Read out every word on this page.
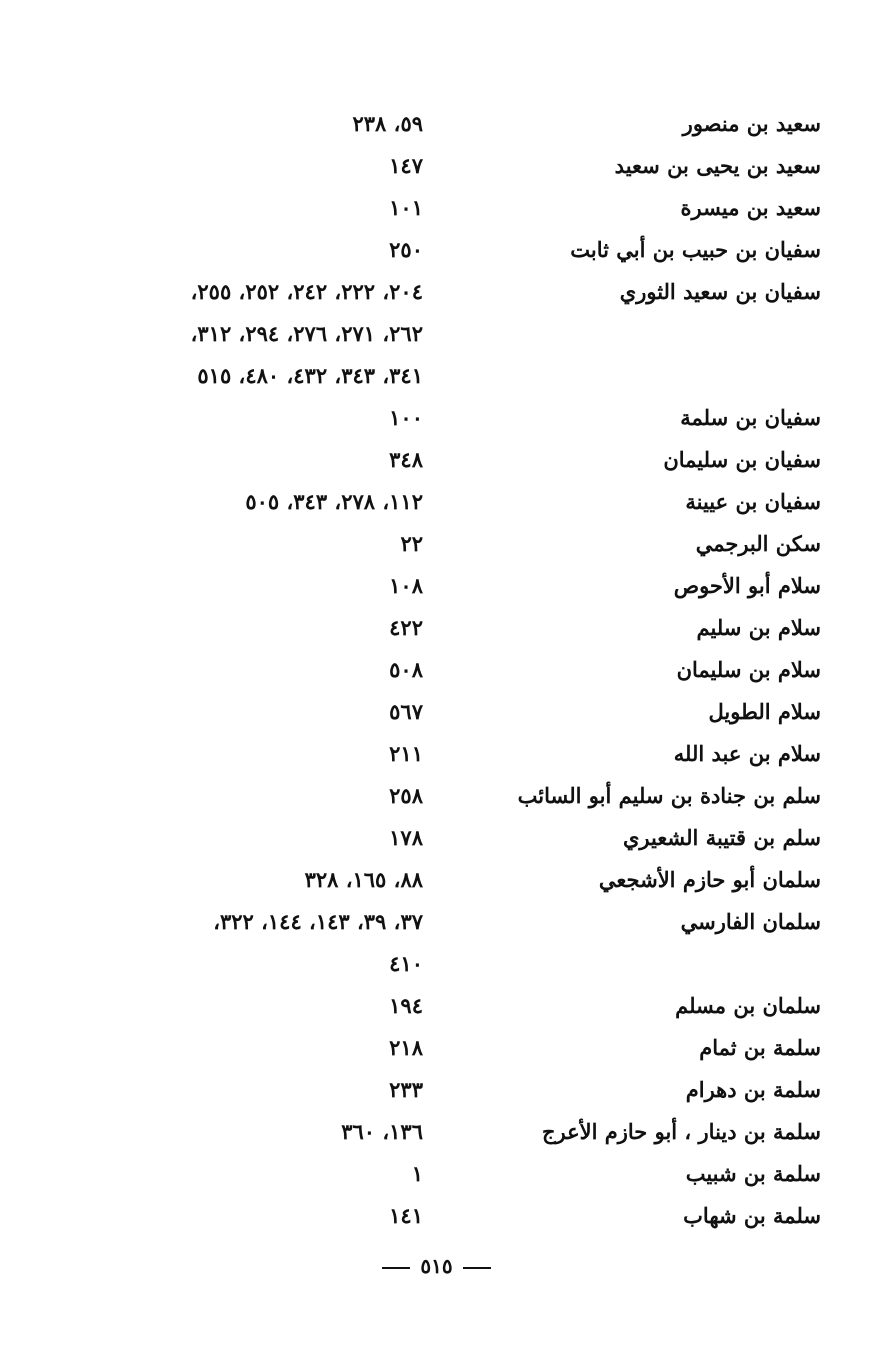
سعيد بن منصور
٥٩، ٢٣٨
سعيد بن يحيى بن سعيد
١٤٧
سعيد بن ميسرة
١٠١
سفيان بن حبيب بن أبي ثابت
٢٥٠
سفيان بن سعيد الثوري
٢٠٤، ٢٢٢، ٢٤٢، ٢٥٢، ٢٥٥،
٢٦٢، ٢٧١، ٢٧٦، ٢٩٤، ٣١٢،
٣٤١، ٣٤٣، ٤٣٢، ٤٨٠، ٥١٥
سفيان بن سلمة
١٠٠
سفيان بن سليمان
٣٤٨
سفيان بن عيينة
١١٢، ٢٧٨، ٣٤٣، ٥٠٥
سكن البرجمي
٢٢
سلام أبو الأحوص
١٠٨
سلام بن سليم
٤٢٢
سلام بن سليمان
٥٠٨
سلام الطويل
٥٦٧
سلام بن عبد الله
٢١١
سلم بن جنادة بن سليم أبو السائب
٢٥٨
سلم بن قتيبة الشعيري
١٧٨
سلمان أبو حازم الأشجعي
٨٨، ١٦٥، ٣٢٨
سلمان الفارسي
٣٧، ٣٩، ١٤٣، ١٤٤، ٣٢٢،
٤١٠
سلمان بن مسلم
١٩٤
سلمة بن ثمام
٢١٨
سلمة بن دهرام
٢٣٣
سلمة بن دينار ، أبو حازم الأعرج
١٣٦، ٣٦٠
سلمة بن شبيب
١
سلمة بن شهاب
١٤١
٥١٥
